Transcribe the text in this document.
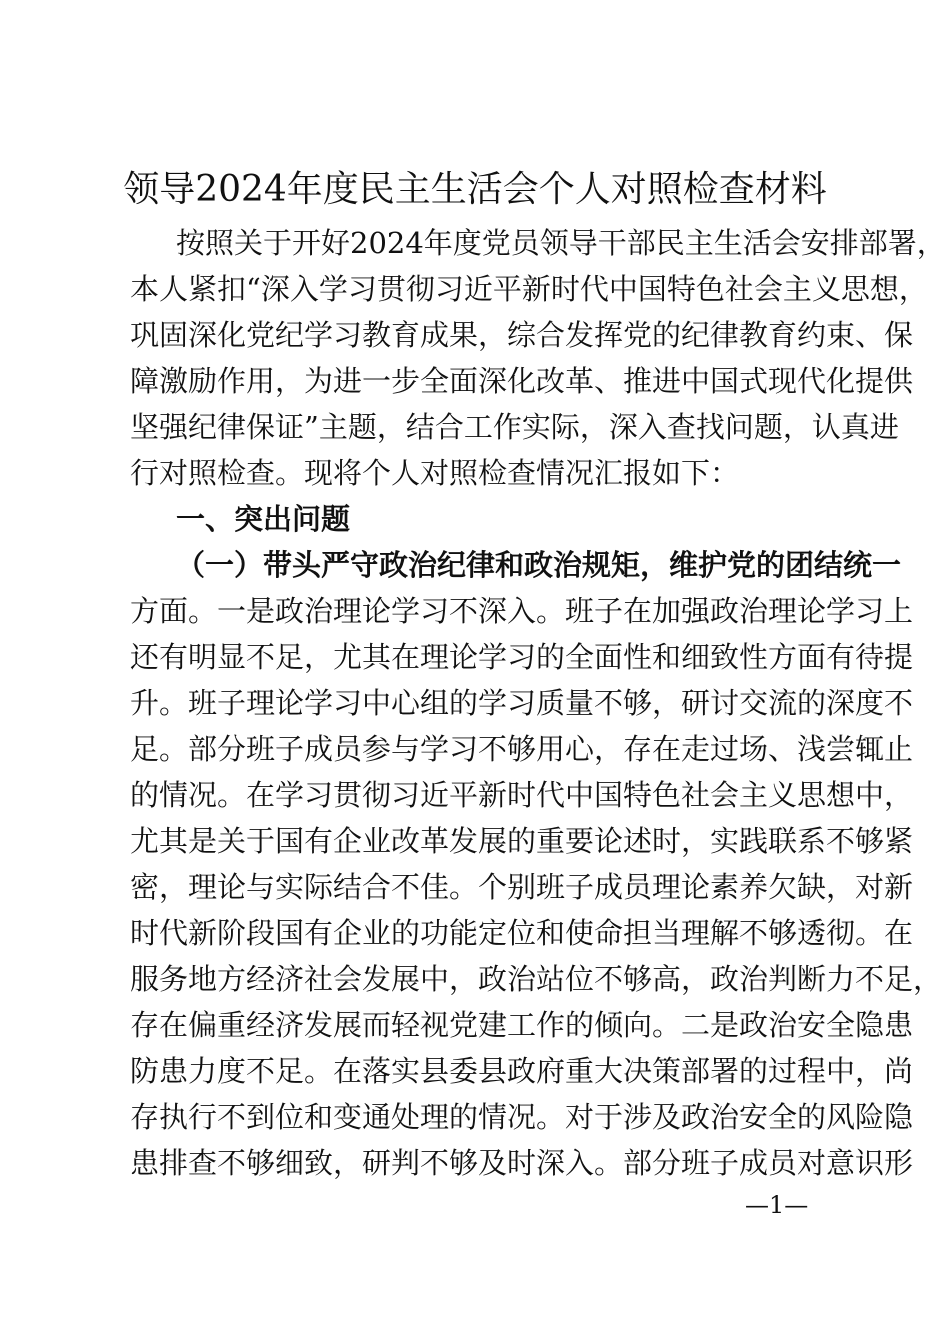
领导2024年度民主生活会个人对照检查材料
按照关于开好2024年度党员领导干部民主生活会安排部署，
本人紧扣“深入学习贯彻习近平新时代中国特色社会主义思想，
巩固深化党纪学习教育成果，综合发挥党的纪律教育约束、保
障激励作用，为进一步全面深化改革、推进中国式现代化提供
坚强纪律保证”主题，结合工作实际，深入查找问题，认真进
行对照检查。现将个人对照检查情况汇报如下：
一、突出问题
（一）带头严守政治纪律和政治规矩，维护党的团结统一
方面。一是政治理论学习不深入。班子在加强政治理论学习上
还有明显不足，尤其在理论学习的全面性和细致性方面有待提
升。班子理论学习中心组的学习质量不够，研讨交流的深度不
足。部分班子成员参与学习不够用心，存在走过场、浅尝辄止
的情况。在学习贯彻习近平新时代中国特色社会主义思想中，
尤其是关于国有企业改革发展的重要论述时，实践联系不够紧
密，理论与实际结合不佳。个别班子成员理论素养欠缺，对新
时代新阶段国有企业的功能定位和使命担当理解不够透彻。在
服务地方经济社会发展中，政治站位不够高，政治判断力不足，
存在偏重经济发展而轻视党建工作的倾向。二是政治安全隐患
防患力度不足。在落实县委县政府重大决策部署的过程中，尚
存执行不到位和变通处理的情况。对于涉及政治安全的风险隐
患排查不够细致，研判不够及时深入。部分班子成员对意识形
—1—
